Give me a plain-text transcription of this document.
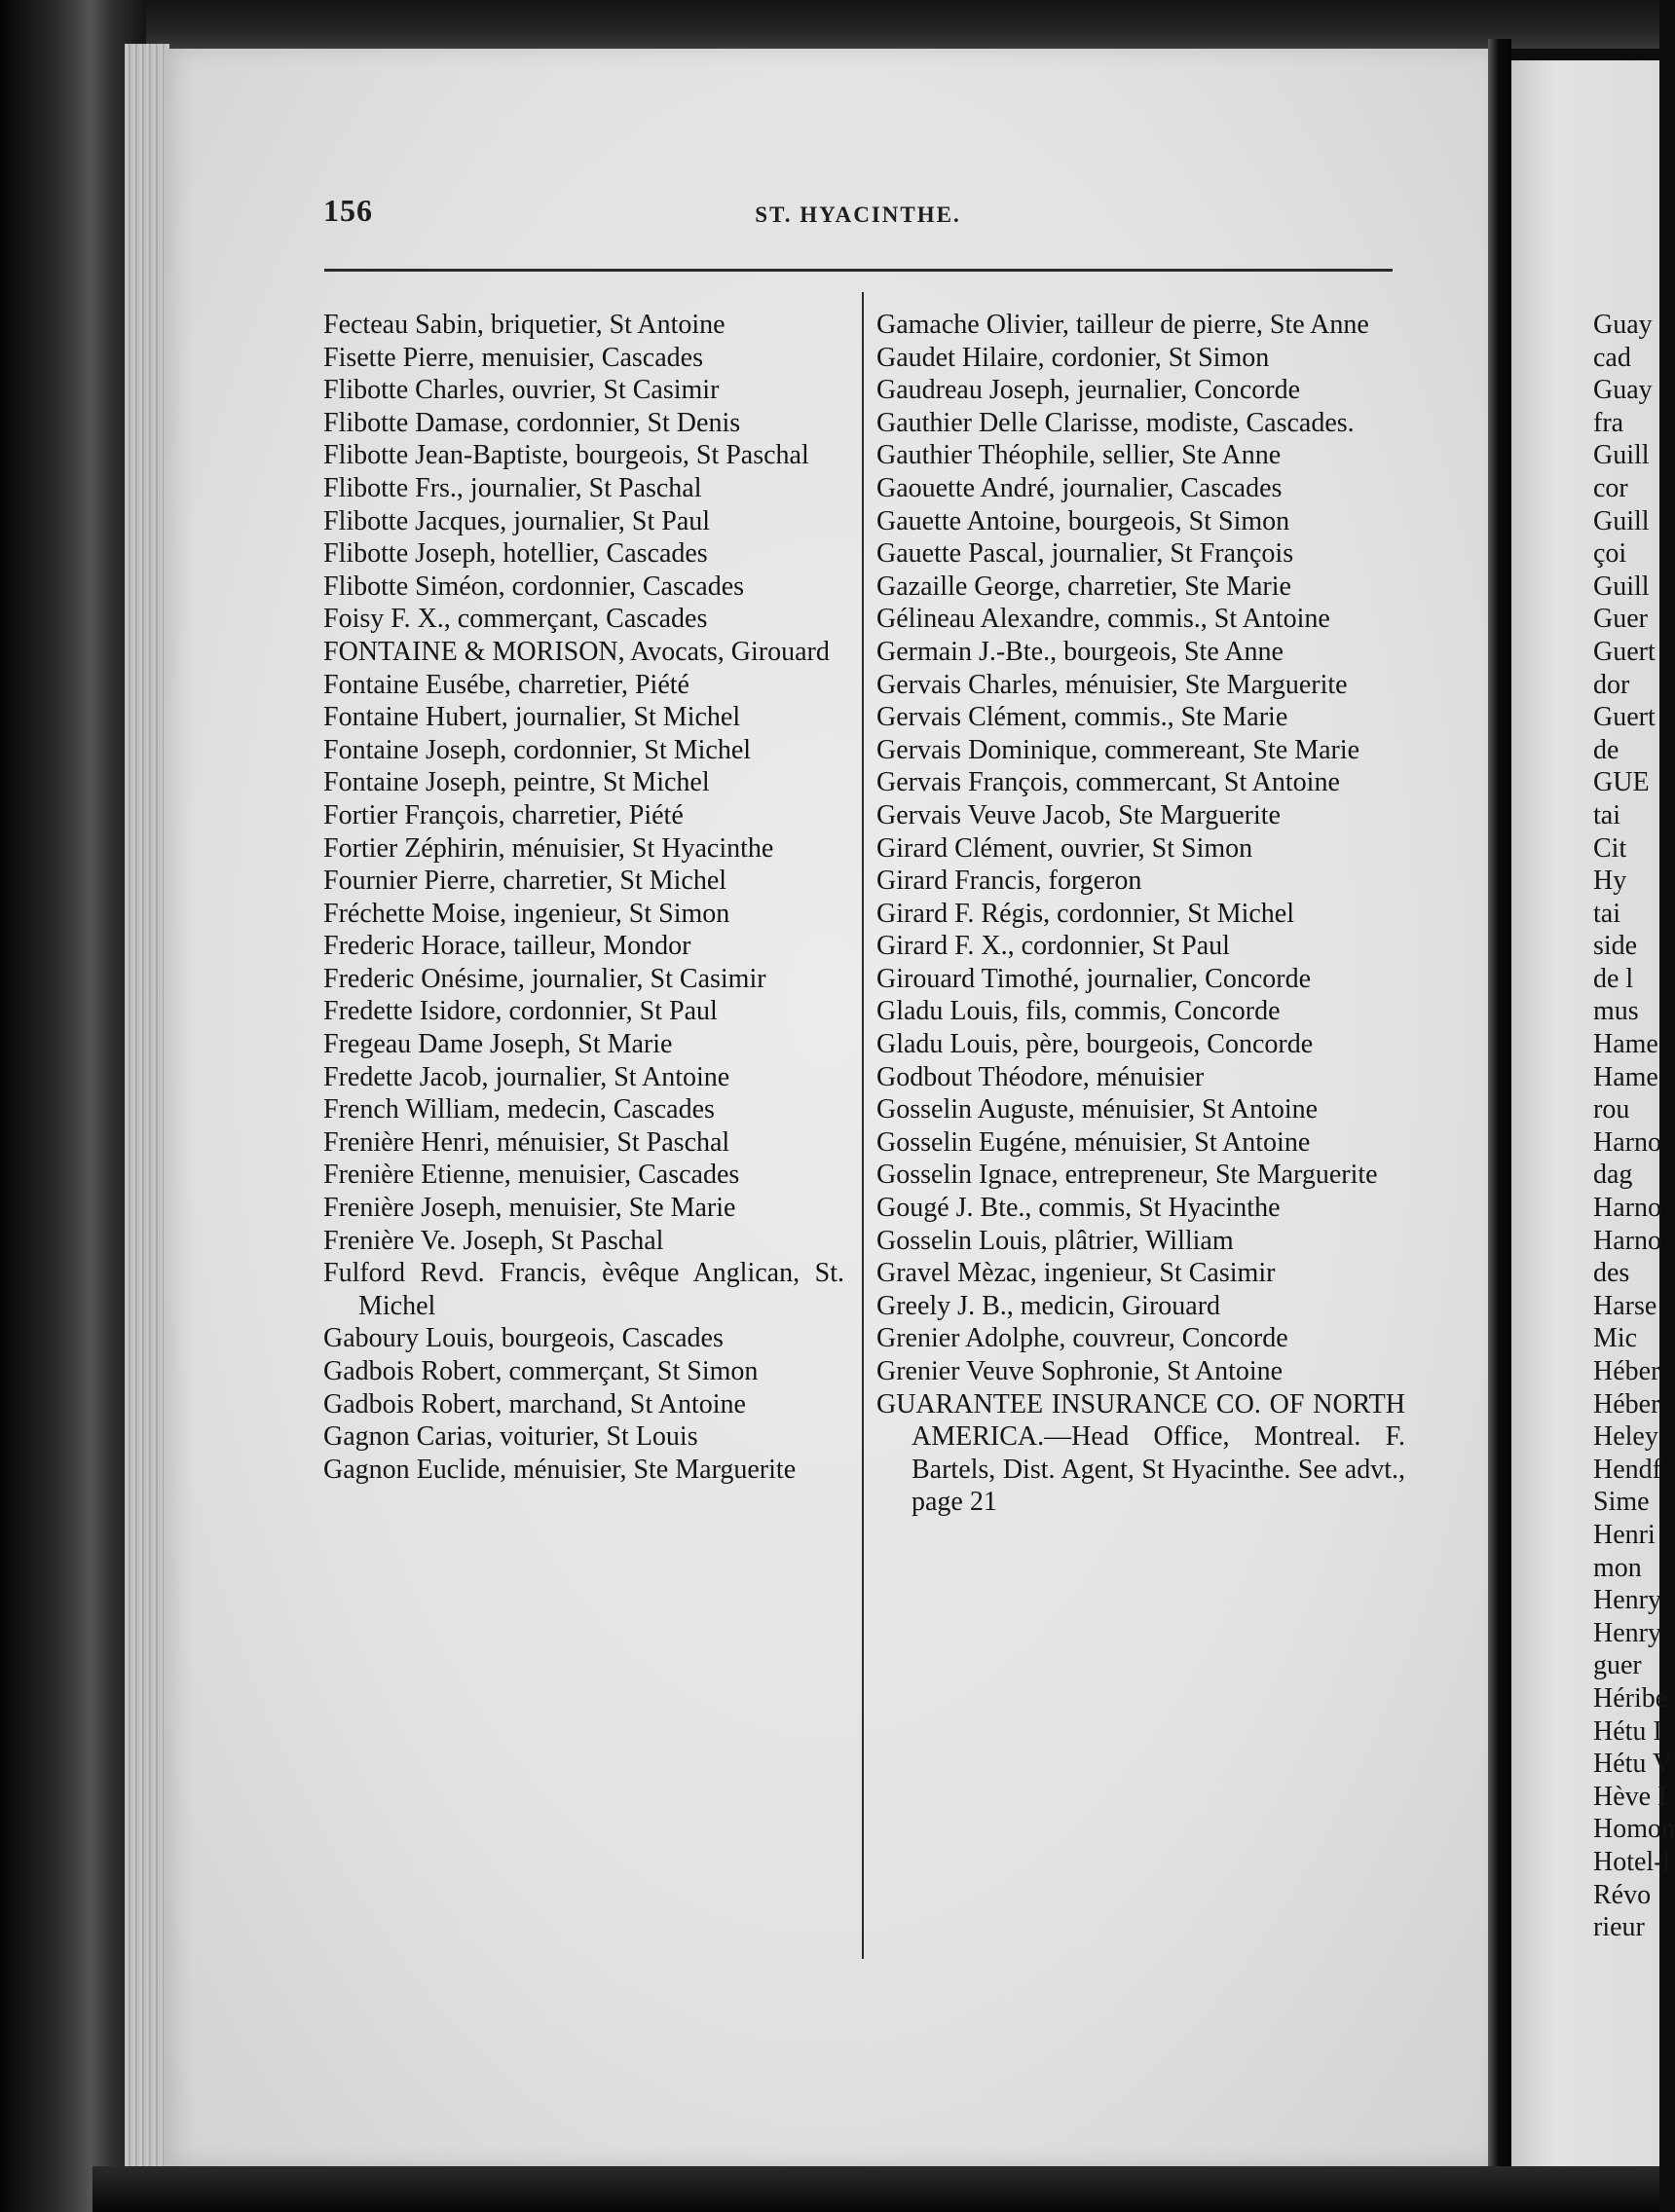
156	ST. HYACINTHE.
Fecteau Sabin, briquetier, St Antoine
Fisette Pierre, menuisier, Cascades
Flibotte Charles, ouvrier, St Casimir
Flibotte Damase, cordonnier, St Denis
Flibotte Jean-Baptiste, bourgeois, St Paschal
Flibotte Frs., journalier, St Paschal
Flibotte Jacques, journalier, St Paul
Flibotte Joseph, hotellier, Cascades
Flibotte Siméon, cordonnier, Cascades
Foisy F. X., commerçant, Cascades
FONTAINE & MORISON, Avocats, Girouard
Fontaine Eusébe, charretier, Piété
Fontaine Hubert, journalier, St Michel
Fontaine Joseph, cordonnier, St Michel
Fontaine Joseph, peintre, St Michel
Fortier François, charretier, Piété
Fortier Zéphirin, ménuisier, St Hyacinthe
Fournier Pierre, charretier, St Michel
Fréchette Moise, ingenieur, St Simon
Frederic Horace, tailleur, Mondor
Frederic Onésime, journalier, St Casimir
Fredette Isidore, cordonnier, St Paul
Fregeau Dame Joseph, St Marie
Fredette Jacob, journalier, St Antoine
French William, medecin, Cascades
Frenière Henri, ménuisier, St Paschal
Frenière Etienne, menuisier, Cascades
Frenière Joseph, menuisier, Ste Marie
Frenière Ve. Joseph, St Paschal
Fulford Revd. Francis, èvêque Anglican, St. Michel
Gaboury Louis, bourgeois, Cascades
Gadbois Robert, commerçant, St Simon
Gadbois Robert, marchand, St Antoine
Gagnon Carias, voiturier, St Louis
Gagnon Euclide, ménuisier, Ste Marguerite
Gamache Olivier, tailleur de pierre, Ste Anne
Gaudet Hilaire, cordonier, St Simon
Gaudreau Joseph, jeurnalier, Concorde
Gauthier Delle Clarisse, modiste, Cascades.
Gauthier Théophile, sellier, Ste Anne
Gaouette André, journalier, Cascades
Gauette Antoine, bourgeois, St Simon
Gauette Pascal, journalier, St François
Gazaille George, charretier, Ste Marie
Gélineau Alexandre, commis., St Antoine
Germain J.-Bte., bourgeois, Ste Anne
Gervais Charles, ménuisier, Ste Marguerite
Gervais Clément, commis., Ste Marie
Gervais Dominique, commereant, Ste Marie
Gervais François, commercant, St Antoine
Gervais Veuve Jacob, Ste Marguerite
Girard Clément, ouvrier, St Simon
Girard Francis, forgeron
Girard F. Régis, cordonnier, St Michel
Girard F. X., cordonnier, St Paul
Girouard Timothé, journalier, Concorde
Gladu Louis, fils, commis, Concorde
Gladu Louis, père, bourgeois, Concorde
Godbout Théodore, ménuisier
Gosselin Auguste, ménuisier, St Antoine
Gosselin Eugéne, ménuisier, St Antoine
Gosselin Ignace, entrepreneur, Ste Marguerite
Gougé J. Bte., commis, St Hyacinthe
Gosselin Louis, plâtrier, William
Gravel Mèzac, ingenieur, St Casimir
Greely J. B., medicin, Girouard
Grenier Adolphe, couvreur, Concorde
Grenier Veuve Sophronie, St Antoine
GUARANTEE INSURANCE CO. OF NORTH AMERICA.—Head Office, Montreal. F. Bartels, Dist. Agent, St Hyacinthe. See advt., page 21
Guay
cad
Guay
fra
Guill
cor
Guill
çoi
Guill
Guer
Guert
dor
Guert
de
GUE
tai
Cit
Hy
tai
side
de l
mus
Hame
Hame
rou
Harno
dag
Harno
Harno
des
Harse
Mic
Héber
Héber
Heley
Hendf
Sime
Henri
mon
Henry
Henry
guer
Héribe
Hétu I
Hétu V
Hève I
Homon
Hotel-l
Révo
rieur
